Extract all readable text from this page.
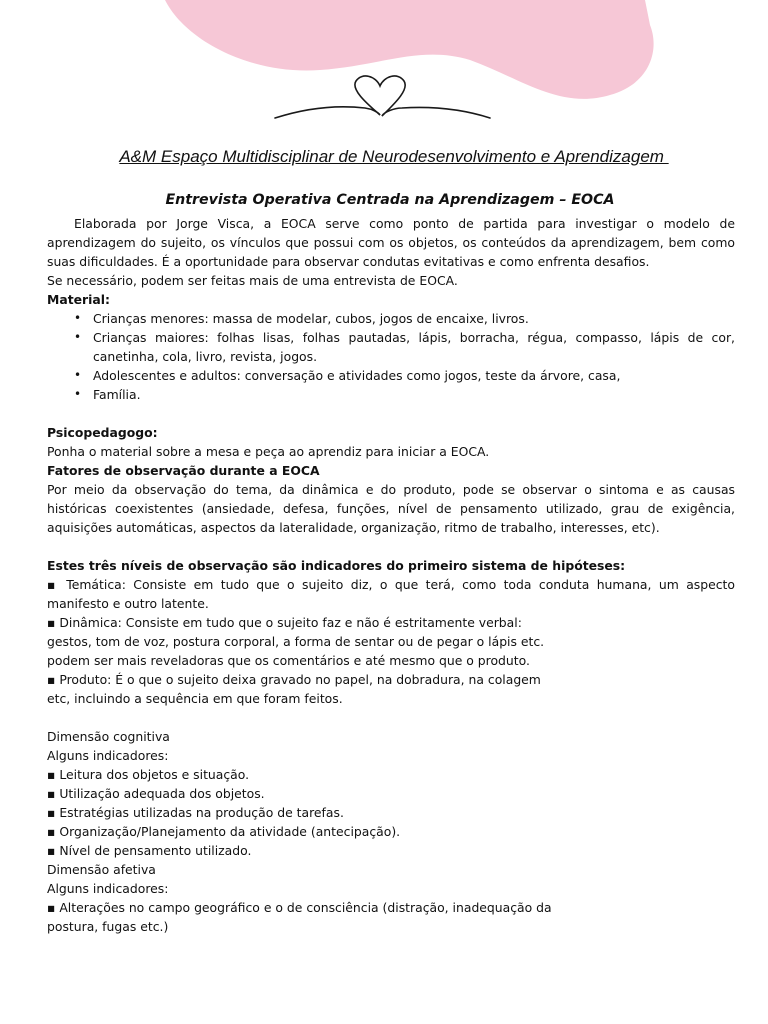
A&M Espaço Multidisciplinar de Neurodesenvolvimento e Aprendizagem
Entrevista Operativa Centrada na Aprendizagem – EOCA

Elaborada por Jorge Visca, a EOCA serve como ponto de partida para investigar o modelo de aprendizagem do sujeito, os vínculos que possui com os objetos, os conteúdos da aprendizagem, bem como suas dificuldades. É a oportunidade para observar condutas evitativas e como enfrenta desafios.

Se necessário, podem ser feitas mais de uma entrevista de EOCA.

Material:

• Crianças menores: massa de modelar, cubos, jogos de encaixe, livros.
• Crianças maiores: folhas lisas, folhas pautadas, lápis, borracha, régua, compasso, lápis de cor, canetinha, cola, livro, revista, jogos.
• Adolescentes e adultos: conversação e atividades como jogos, teste da árvore, casa,
• Família.

Psicopedagogo:

Ponha o material sobre a mesa e peça ao aprendiz para iniciar a EOCA.

Fatores de observação durante a EOCA

Por meio da observação do tema, da dinâmica e do produto, pode se observar o sintoma e as causas históricas coexistentes (ansiedade, defesa, funções, nível de pensamento utilizado, grau de exigência, aquisições automáticas, aspectos da lateralidade, organização, ritmo de trabalho, interesses, etc).

Estes três níveis de observação são indicadores do primeiro sistema de hipóteses:

▪ Temática: Consiste em tudo que o sujeito diz, o que terá, como toda conduta humana, um aspecto manifesto e outro latente.

▪ Dinâmica: Consiste em tudo que o sujeito faz e não é estritamente verbal:

gestos, tom de voz, postura corporal, a forma de sentar ou de pegar o lápis etc.

podem ser mais reveladoras que os comentários e até mesmo que o produto.

▪ Produto: É o que o sujeito deixa gravado no papel, na dobradura, na colagem

etc, incluindo a sequência em que foram feitos.

Dimensão cognitiva

Alguns indicadores:

▪ Leitura dos objetos e situação.

▪ Utilização adequada dos objetos.

▪ Estratégias utilizadas na produção de tarefas.

▪ Organização/Planejamento da atividade (antecipação).

▪ Nível de pensamento utilizado.

Dimensão afetiva

Alguns indicadores:

▪ Alterações no campo geográfico e o de consciência (distração, inadequação da

postura, fugas etc.)
